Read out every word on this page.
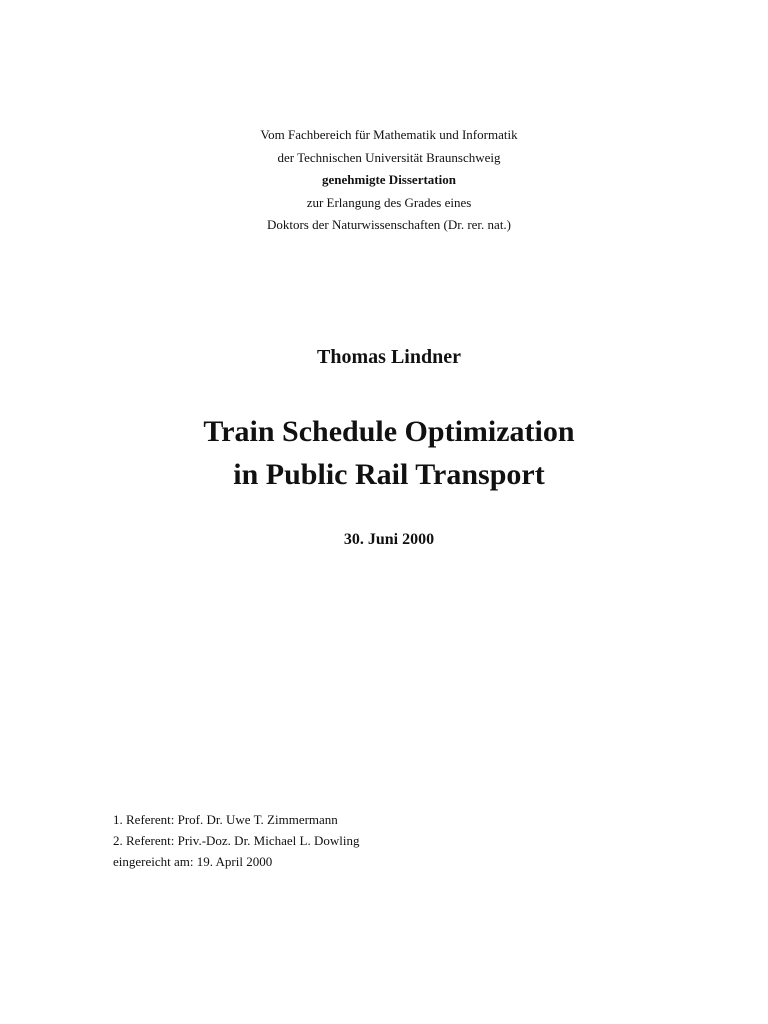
Vom Fachbereich für Mathematik und Informatik
der Technischen Universität Braunschweig
genehmigte Dissertation
zur Erlangung des Grades eines
Doktors der Naturwissenschaften (Dr. rer. nat.)
Thomas Lindner
Train Schedule Optimization
in Public Rail Transport
30. Juni 2000
1. Referent: Prof. Dr. Uwe T. Zimmermann
2. Referent: Priv.-Doz. Dr. Michael L. Dowling
eingereicht am: 19. April 2000
